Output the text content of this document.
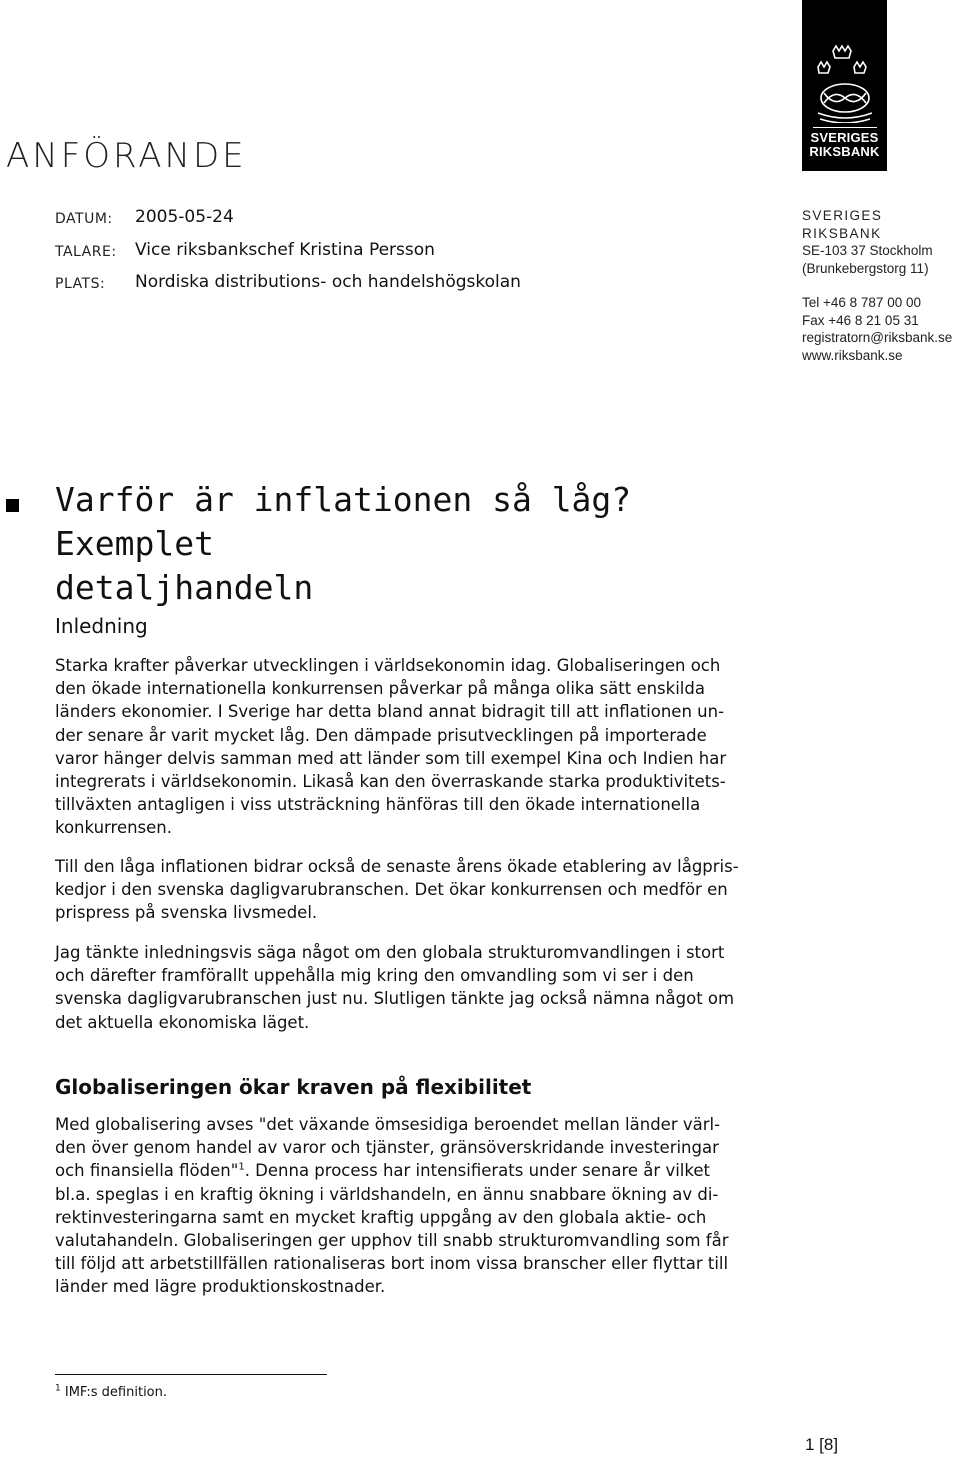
SVERIGES
RIKSBANK
ANFÖRANDE
DATUM: 2005-05-24
TALARE: Vice riksbankschef Kristina Persson
PLATS: Nordiska distributions- och handelshögskolan
SVERIGES RIKSBANK
SE-103 37 Stockholm
(Brunkebergstorg 11)
Tel +46 8 787 00 00
Fax +46 8 21 05 31
registratorn@riksbank.se
www.riksbank.se
Varför är inflationen så låg? Exemplet
detaljhandeln
Inledning

Starka krafter påverkar utvecklingen i världsekonomin idag. Globaliseringen och
den ökade internationella konkurrensen påverkar på många olika sätt enskilda
länders ekonomier. I Sverige har detta bland annat bidragit till att inflationen un-
der senare år varit mycket låg. Den dämpade prisutvecklingen på importerade
varor hänger delvis samman med att länder som till exempel Kina och Indien har
integrerats i världsekonomin. Likaså kan den överraskande starka produktivitets-
tillväxten antagligen i viss utsträckning hänföras till den ökade internationella
konkurrensen.

Till den låga inflationen bidrar också de senaste årens ökade etablering av lågpris-
kedjor i den svenska dagligvarubranschen. Det ökar konkurrensen och medför en
prispress på svenska livsmedel.

Jag tänkte inledningsvis säga något om den globala strukturomvandlingen i stort
och därefter framförallt uppehålla mig kring den omvandling som vi ser i den
svenska dagligvarubranschen just nu. Slutligen tänkte jag också nämna något om
det aktuella ekonomiska läget.

Globaliseringen ökar kraven på flexibilitet

Med globalisering avses "det växande ömsesidiga beroendet mellan länder värl-
den över genom handel av varor och tjänster, gränsöverskridande investeringar
och finansiella flöden"$^1$. Denna process har intensifierats under senare år vilket
bl.a. speglas i en kraftig ökning i världshandeln, en ännu snabbare ökning av di-
rektinvesteringarna samt en mycket kraftig uppgång av den globala aktie- och
valutahandeln. Globaliseringen ger upphov till snabb strukturomvandling som får
till följd att arbetstillfällen rationaliseras bort inom vissa branscher eller flyttar till
länder med lägre produktionskostnader.

$^1$ IMF:s definition.
1 [8]
